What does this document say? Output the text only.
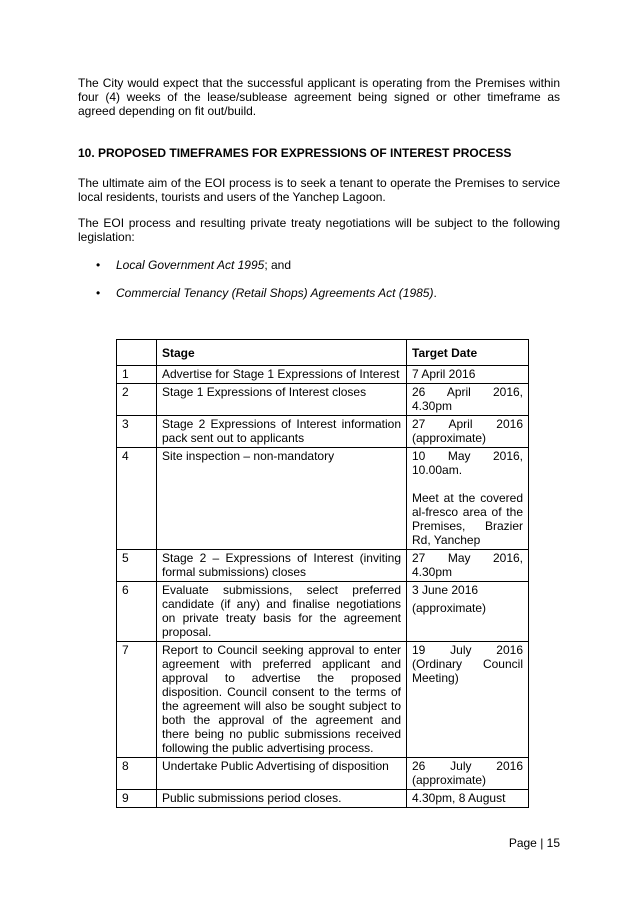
The City would expect that the successful applicant is operating from the Premises within four (4) weeks of the lease/sublease agreement being signed or other timeframe as agreed depending on fit out/build.

10. PROPOSED TIMEFRAMES FOR EXPRESSIONS OF INTEREST PROCESS

The ultimate aim of the EOI process is to seek a tenant to operate the Premises to service local residents, tourists and users of the Yanchep Lagoon.

The EOI process and resulting private treaty negotiations will be subject to the following legislation:

• Local Government Act 1995; and
• Commercial Tenancy (Retail Shops) Agreements Act (1985).
	Stage	Target Date
1	Advertise for Stage 1 Expressions of Interest	7 April 2016
2	Stage 1 Expressions of Interest closes	26 April 2016, 4.30pm
3	Stage 2 Expressions of Interest information pack sent out to applicants	27 April 2016 (approximate)
4	Site inspection – non-mandatory	10 May 2016, 10.00am.
Meet at the covered al-fresco area of the Premises, Brazier Rd, Yanchep

5	Stage 2 – Expressions of Interest (inviting formal submissions) closes	27 May 2016, 4.30pm
6	Evaluate submissions, select preferred candidate (if any) and finalise negotiations on private treaty basis for the agreement proposal.	3 June 2016
(approximate)

7	Report to Council seeking approval to enter agreement with preferred applicant and approval to advertise the proposed disposition. Council consent to the terms of the agreement will also be sought subject to both the approval of the agreement and there being no public submissions received following the public advertising process.	19 July 2016 (Ordinary Council Meeting)
8	Undertake Public Advertising of disposition	26 July 2016 (approximate)
9	Public submissions period closes.	4.30pm, 8 August
Page | 15
